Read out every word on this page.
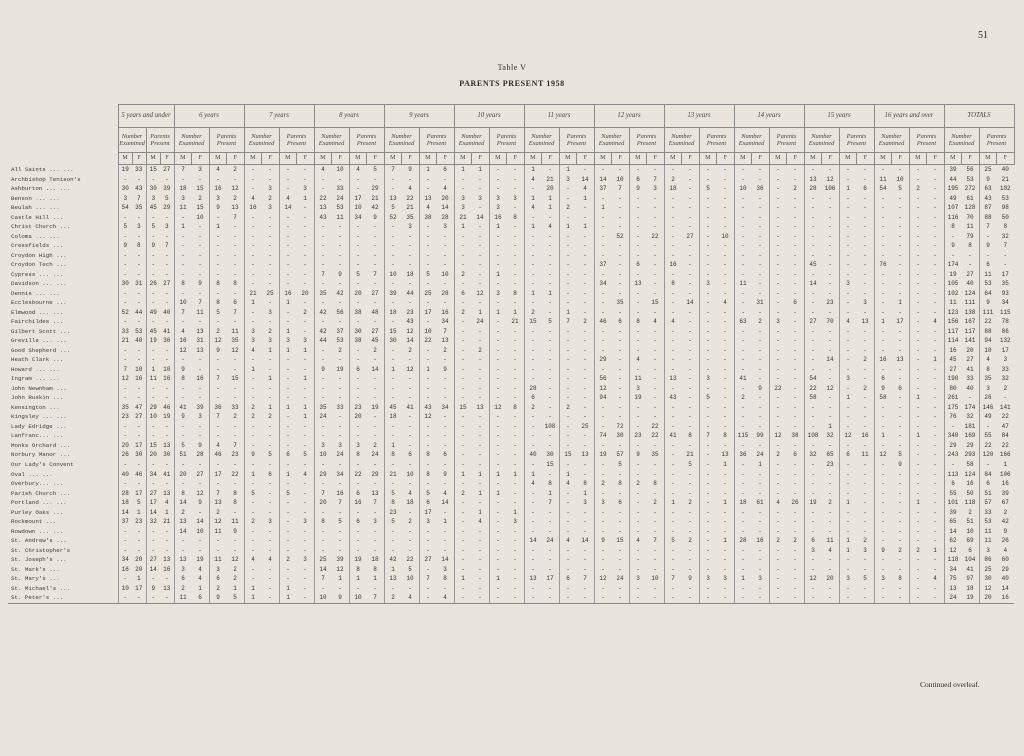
51
Table V
PARENTS PRESENT 1958
	5 years and under				6 years				7 years				8 years				9 years				10 years				11 years				12 years				13 years				14 years				15 years				16 years and over				TOTALS			
	Number Examined		Parents Present		Number Examined		Parents Present		Number Examined		Parents Present		Number Examined		Parents Present		Number Examined		Parents Present		Number Examined		Parents Present		Number Examined		Parents Present		Number Examined		Parents Present		Number Examined		Parents Present		Number Examined		Parents Present		Number Examined		Parents Present		Number Examined		Parents Present		Number Examined		Parents Present	
	M	F	M	F	M	F	M	F	M	F	M	F	M	F	M	F	M	F	M	F	M	F	M	F	M	F	M	F	M	F	M	F	M	F	M	F	M	F	M	F	M	F	M	F	M	F	M	F	M	F	M	F
All Saints ... ...	19	33	15	27	7	3	4	2	-	-	-	-	4	10	4	5	7	9	1	6	1	1	-	-	1	-	1	-	-	-	-	-	-	-	-	-	-	-	-	-	-	-	-	-	-	-	-	-	39	56	25	40
Archbishop Tenison's	-	-	-	-	-	-	-	-	-	-	-	-	-	-	-	-	-	-	-	-	-	-	-	-	4	21	3	14	14	10	6	7	2	-	-	-	-	-	-	-	13	12	-	-	11	10	-	-	44	53	9	21
Ashburton ... ...	30	43	30	39	18	15	16	12	-	3	-	3	-	33	-	29	-	4	-	4	-	-	-	-	-	20	-	4	37	7	9	3	18	-	5	-	10	36	-	2	28	106	1	6	54	5	2	-	195	272	63	102
Benson ... ...	3	7	3	5	3	2	3	2	4	2	4	1	22	24	17	21	13	22	13	20	3	3	3	3	1	1	-	1	-	-	-	-	-	-	-	-	-	-	-	-	-	-	-	-	-	-	-	-	49	61	43	53
Beulah ... ...	54	35	45	29	11	15	9	13	16	3	14	-	13	53	10	42	5	21	4	14	3	-	3	-	4	1	2	-	1	-	-	-	-	-	-	-	-	-	-	-	-	-	-	-	-	-	-	-	107	128	87	98
Castle Hill ...	-	-	-	-	-	10	-	7	-	-	-	-	43	11	34	9	52	35	38	28	21	14	16	8	-	-	-	-	-	-	-	-	-	-	-	-	-	-	-	-	-	-	-	-	-	-	-	-	116	70	88	50
Christ Church ...	5	3	5	3	1	-	1	-	-	-	-	-	-	-	-	-	-	3	-	3	1	-	1	-	1	4	1	1	-	-	-	-	-	-	-	-	-	-	-	-	-	-	-	-	-	-	-	-	8	11	7	8
Coloma ... ...	-	-	-	-	-	-	-	-	-	-	-	-	-	-	-	-	-	-	-	-	-	-	-	-	-	-	-	-	-	52	-	22	-	27	-	10	-	-	-	-	-	-	-	-	-	-	-	-	-	79	-	32
Cressfields ...	9	8	9	7	-	-	-	-	-	-	-	-	-	-	-	-	-	-	-	-	-	-	-	-	-	-	-	-	-	-	-	-	-	-	-	-	-	-	-	-	-	-	-	-	-	-	-	-	9	8	9	7
Croydon High ...	-	-	-	-	-	-	-	-	-	-	-	-	-	-	-	-	-	-	-	-	-	-	-	-	-	-	-	-	-	-	-	-	-	-	-	-	-	-	-	-	-	-	-	-	-	-	-	-	-	-	-	-
Croydon Tech ...	-	-	-	-	-	-	-	-	-	-	-	-	-	-	-	-	-	-	-	-	-	-	-	-	-	-	-	-	37	-	6	-	16	-	-	-	-	-	-	-	45	-	-	-	76	-	-	-	174	-	6	-
Cypress ... ...	-	-	-	-	-	-	-	-	-	-	-	-	7	9	5	7	10	18	5	10	2	-	1	-	-	-	-	-	-	-	-	-	-	-	-	-	-	-	-	-	-	-	-	-	-	-	-	-	19	27	11	17
Davidson ... ...	30	31	26	27	8	9	8	8	-	-	-	-	-	-	-	-	-	-	-	-	-	-	-	-	-	-	-	-	34	-	13	-	8	-	3	-	11	-	-	-	14	-	3	-	-	-	-	-	105	40	53	35
Dennis ... ...	-	-	-	-	-	-	-	-	21	25	16	20	35	42	20	27	39	44	25	28	6	12	3	8	1	1	-	-	-	-	-	-	-	-	-	-	-	-	-	-	-	-	-	-	-	-	-	-	102	124	64	93
Ecclesbourne ...	-	-	-	-	10	7	8	6	1	-	1	-	-	-	-	-	-	-	-	-	-	-	-	-	-	-	-	-	-	35	-	15	-	14	-	4	-	31	-	6	-	23	-	3	-	1	-	-	11	111	9	34
Elmwood ... ...	52	44	49	40	7	11	5	7	-	3	-	2	42	56	38	48	18	23	17	16	2	1	1	1	2	-	1	-	-	-	-	-	-	-	-	-	-	-	-	-	-	-	-	-	-	-	-	-	123	138	111	115
Fairchildes ...	-	-	-	-	-	-	-	-	-	-	-	-	-	-	-	-	-	43	-	34	-	24	-	21	15	5	7	2	46	6	8	4	4	-	-	-	63	2	3	-	27	70	4	13	1	17	-	4	156	167	22	78
Gilbert Scott ...	33	53	45	41	4	13	2	11	3	2	1	-	42	37	30	27	15	12	10	7	-	-	-	-	-	-	-	-	-	-	-	-	-	-	-	-	-	-	-	-	-	-	-	-	-	-	-	-	117	117	88	86
Greville ... ...	21	40	19	36	16	31	12	35	3	3	3	3	44	53	38	45	30	14	22	13	-	-	-	-	-	-	-	-	-	-	-	-	-	-	-	-	-	-	-	-	-	-	-	-	-	-	-	-	114	141	94	132
Good Shepherd ...	-	-	-	-	12	13	9	12	4	1	1	1	-	2	-	2	-	2	-	2	-	2	-	-	-	-	-	-	-	-	-	-	-	-	-	-	-	-	-	-	-	-	-	-	-	-	-	-	16	20	10	17
Heath Clark ...	-	-	-	-	-	-	-	-	-	-	-	-	-	-	-	-	-	-	-	-	-	-	-	-	-	-	-	-	29	-	4	-	-	-	-	-	-	-	-	-	-	14	-	2	16	13	-	1	45	27	4	3
Howard ... ...	7	10	1	10	9	-	-	-	1	-	-	-	9	19	6	14	1	12	1	9	-	-	-	-	-	-	-	-	-	-	-	-	-	-	-	-	-	-	-	-	-	-	-	-	-	-	-	-	27	41	8	33
Ingram ... ...	12	16	11	16	8	16	7	15	-	1	-	1	-	-	-	-	-	-	-	-	-	-	-	-	-	-	-	-	56	-	11	-	13	-	3	-	41	-	-	-	54	-	3	-	6	-	-	-	190	33	35	32
John Newnham ...	-	-	-	-	-	-	-	-	-	-	-	-	-	-	-	-	-	-	-	-	-	-	-	-	28	-	-	-	12	-	3	-	-	-	-	-	-	9	22	-	22	12	-	2	9	6	-	-	80	40	3	2
John Ruskin ...	-	-	-	-	-	-	-	-	-	-	-	-	-	-	-	-	-	-	-	-	-	-	-	-	6	-	-	-	94	-	19	-	43	-	5	-	2	-	-	-	58	-	1	-	58	-	1	-	261	-	26	-
Kensington ...	35	47	29	46	41	39	36	33	2	1	1	1	35	33	23	19	45	41	43	34	15	13	12	8	2	-	2	-	-	-	-	-	-	-	-	-	-	-	-	-	-	-	-	-	-	-	-	-	175	174	146	141
Kingsley ... ...	23	27	10	19	9	3	7	2	2	2	-	1	24	-	20	-	18	-	12	-	-	-	-	-	-	-	-	-	-	-	-	-	-	-	-	-	-	-	-	-	-	-	-	-	-	-	-	-	76	32	49	22
Lady Edridge ...	-	-	-	-	-	-	-	-	-	-	-	-	-	-	-	-	-	-	-	-	-	-	-	-	-	108	-	25	-	72	-	22	-	-	-	-	-	-	-	-	-	1	-	-	-	-	-	-	-	181	-	47
Lanfranc... ...	-	-	-	-	-	-	-	-	-	-	-	-	-	-	-	-	-	-	-	-	-	-	-	-	-	-	-	-	74	30	23	22	41	8	7	8	115	99	12	38	108	32	12	16	1	-	1	-	340	169	55	84
Monks Orchard ...	20	17	15	13	5	9	4	7	-	-	-	-	3	3	3	2	1	-	-	-	-	-	-	-	-	-	-	-	-	-	-	-	-	-	-	-	-	-	-	-	-	-	-	-	-	-	-	-	29	29	22	22
Norbury Manor ...	26	30	20	30	51	28	46	23	9	5	6	5	10	24	8	24	8	6	8	6	-	-	-	-	40	30	15	13	19	57	9	35	-	21	-	13	36	24	2	6	32	65	6	11	12	5	-	-	243	293	120	166
Our Lady's Convent	-	-	-	-	-	-	-	-	-	-	-	-	-	-	-	-	-	-	-	-	-	-	-	-	-	15	-	-	-	5	-	-	-	5	-	1	-	1	-	-	-	23	-	-	-	9	-	-	-	58	-	1
Oval ... ...	40	46	34	41	20	27	17	22	1	6	1	4	29	34	22	29	21	10	8	9	1	1	1	1	1	-	1	-	-	-	-	-	-	-	-	-	-	-	-	-	-	-	-	-	-	-	-	-	113	124	84	106
Overbury... ...	-	-	-	-	-	-	-	-	-	-	-	-	-	-	-	-	-	-	-	-	-	-	-	-	4	8	4	8	2	8	2	8	-	-	-	-	-	-	-	-	-	-	-	-	-	-	-	-	6	16	6	16
Parish Church ...	28	17	27	13	8	12	7	8	5	-	5	-	7	16	6	13	5	4	5	4	2	1	1	-	-	1	-	1	-	-	-	-	-	-	-	-	-	-	-	-	-	-	-	-	-	-	-	-	55	50	51	39
Portland ... ...	18	5	17	4	14	9	13	8	-	-	-	-	20	7	16	7	8	18	6	14	-	-	-	-	-	7	-	3	3	6	-	2	1	2	-	1	18	61	4	26	19	2	1	-	-	-	1	-	101	118	57	67
Purley Oaks ...	14	1	14	1	2	-	2	-	-	-	-	-	-	-	-	-	23	-	17	-	-	1	-	1	-	-	-	-	-	-	-	-	-	-	-	-	-	-	-	-	-	-	-	-	-	-	-	-	39	2	33	2
Rockmount ...	37	23	32	21	13	14	12	11	2	3	-	3	8	5	6	3	5	2	3	1	-	4	-	3	-	-	-	-	-	-	-	-	-	-	-	-	-	-	-	-	-	-	-	-	-	-	-	-	65	51	53	42
Rowdown ... ...	-	-	-	-	14	10	11	9	-	-	-	-	-	-	-	-	-	-	-	-	-	-	-	-	-	-	-	-	-	-	-	-	-	-	-	-	-	-	-	-	-	-	-	-	-	-	-	-	14	10	11	9
St. Andrew's ...	-	-	-	-	-	-	-	-	-	-	-	-	-	-	-	-	-	-	-	-	-	-	-	-	14	24	4	14	9	15	4	7	5	2	-	1	28	16	2	2	6	11	1	2	-	-	-	-	62	69	11	26
St. Christopher's	-	-	-	-	-	-	-	-	-	-	-	-	-	-	-	-	-	-	-	-	-	-	-	-	-	-	-	-	-	-	-	-	-	-	-	-	-	-	-	-	3	4	1	3	9	2	2	1	12	6	3	4
St. Joseph's ...	34	20	27	13	13	19	11	12	4	4	2	3	25	39	19	18	42	22	27	14	-	-	-	-	-	-	-	-	-	-	-	-	-	-	-	-	-	-	-	-	-	-	-	-	-	-	-	-	118	104	86	60
St. Mark's ...	16	20	14	16	3	4	3	2	-	-	-	-	14	12	8	8	1	5	-	3	-	-	-	-	-	-	-	-	-	-	-	-	-	-	-	-	-	-	-	-	-	-	-	-	-	-	-	-	34	41	25	29
St. Mary's ...	-	1	-	-	6	4	6	2	-	-	-	-	7	1	1	1	13	10	7	8	1	-	1	-	13	17	6	7	12	24	3	10	7	9	3	3	1	3	-	-	12	20	3	5	3	8	-	4	75	97	30	40
St. Michael's ...	10	17	9	13	2	1	2	1	1	-	1	-	-	-	-	-	-	-	-	-	-	-	-	-	-	-	-	-	-	-	-	-	-	-	-	-	-	-	-	-	-	-	-	-	-	-	-	-	13	18	12	14
St. Peter's ...	-	-	-	-	11	6	9	5	1	-	1	-	10	9	10	7	2	4	-	4	-	-	-	-	-	-	-	-	-	-	-	-	-	-	-	-	-	-	-	-	-	-	-	-	-	-	-	-	24	19	20	16
Continued overleaf.
